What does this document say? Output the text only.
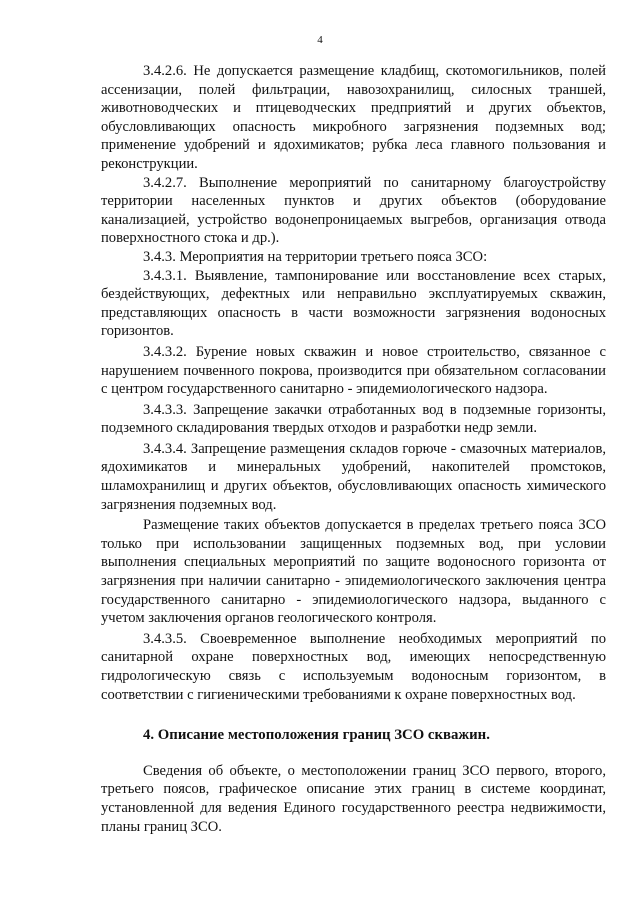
4

3.4.2.6. Не допускается размещение кладбищ, скотомогильников, полей ассенизации, полей фильтрации, навозохранилищ, силосных траншей, животноводческих и птицеводческих предприятий и других объектов, обусловливающих опасность микробного загрязнения подземных вод; применение удобрений и ядохимикатов; рубка леса главного пользования и реконструкции.

3.4.2.7. Выполнение мероприятий по санитарному благоустройству территории населенных пунктов и других объектов (оборудование канализацией, устройство водонепроницаемых выгребов, организация отвода поверхностного стока и др.).

3.4.3. Мероприятия на территории третьего пояса ЗСО:

3.4.3.1. Выявление, тампонирование или восстановление всех старых, бездействующих, дефектных или неправильно эксплуатируемых скважин, представляющих опасность в части возможности загрязнения водоносных горизонтов.

3.4.3.2. Бурение новых скважин и новое строительство, связанное с нарушением почвенного покрова, производится при обязательном согласовании с центром государственного санитарно - эпидемиологического надзора.

3.4.3.3. Запрещение закачки отработанных вод в подземные горизонты, подземного складирования твердых отходов и разработки недр земли.

3.4.3.4. Запрещение размещения складов горюче - смазочных материалов, ядохимикатов и минеральных удобрений, накопителей промстоков, шламохранилищ и других объектов, обусловливающих опасность химического загрязнения подземных вод.

Размещение таких объектов допускается в пределах третьего пояса ЗСО только при использовании защищенных подземных вод, при условии выполнения специальных мероприятий по защите водоносного горизонта от загрязнения при наличии санитарно - эпидемиологического заключения центра государственного санитарно - эпидемиологического надзора, выданного с учетом заключения органов геологического контроля.

3.4.3.5. Своевременное выполнение необходимых мероприятий по санитарной охране поверхностных вод, имеющих непосредственную гидрологическую связь с используемым водоносным горизонтом, в соответствии с гигиеническими требованиями к охране поверхностных вод.

4. Описание местоположения границ ЗСО скважин.

Сведения об объекте, о местоположении границ ЗСО первого, второго, третьего поясов, графическое описание этих границ в системе координат, установленной для ведения Единого государственного реестра недвижимости, планы границ ЗСО.
